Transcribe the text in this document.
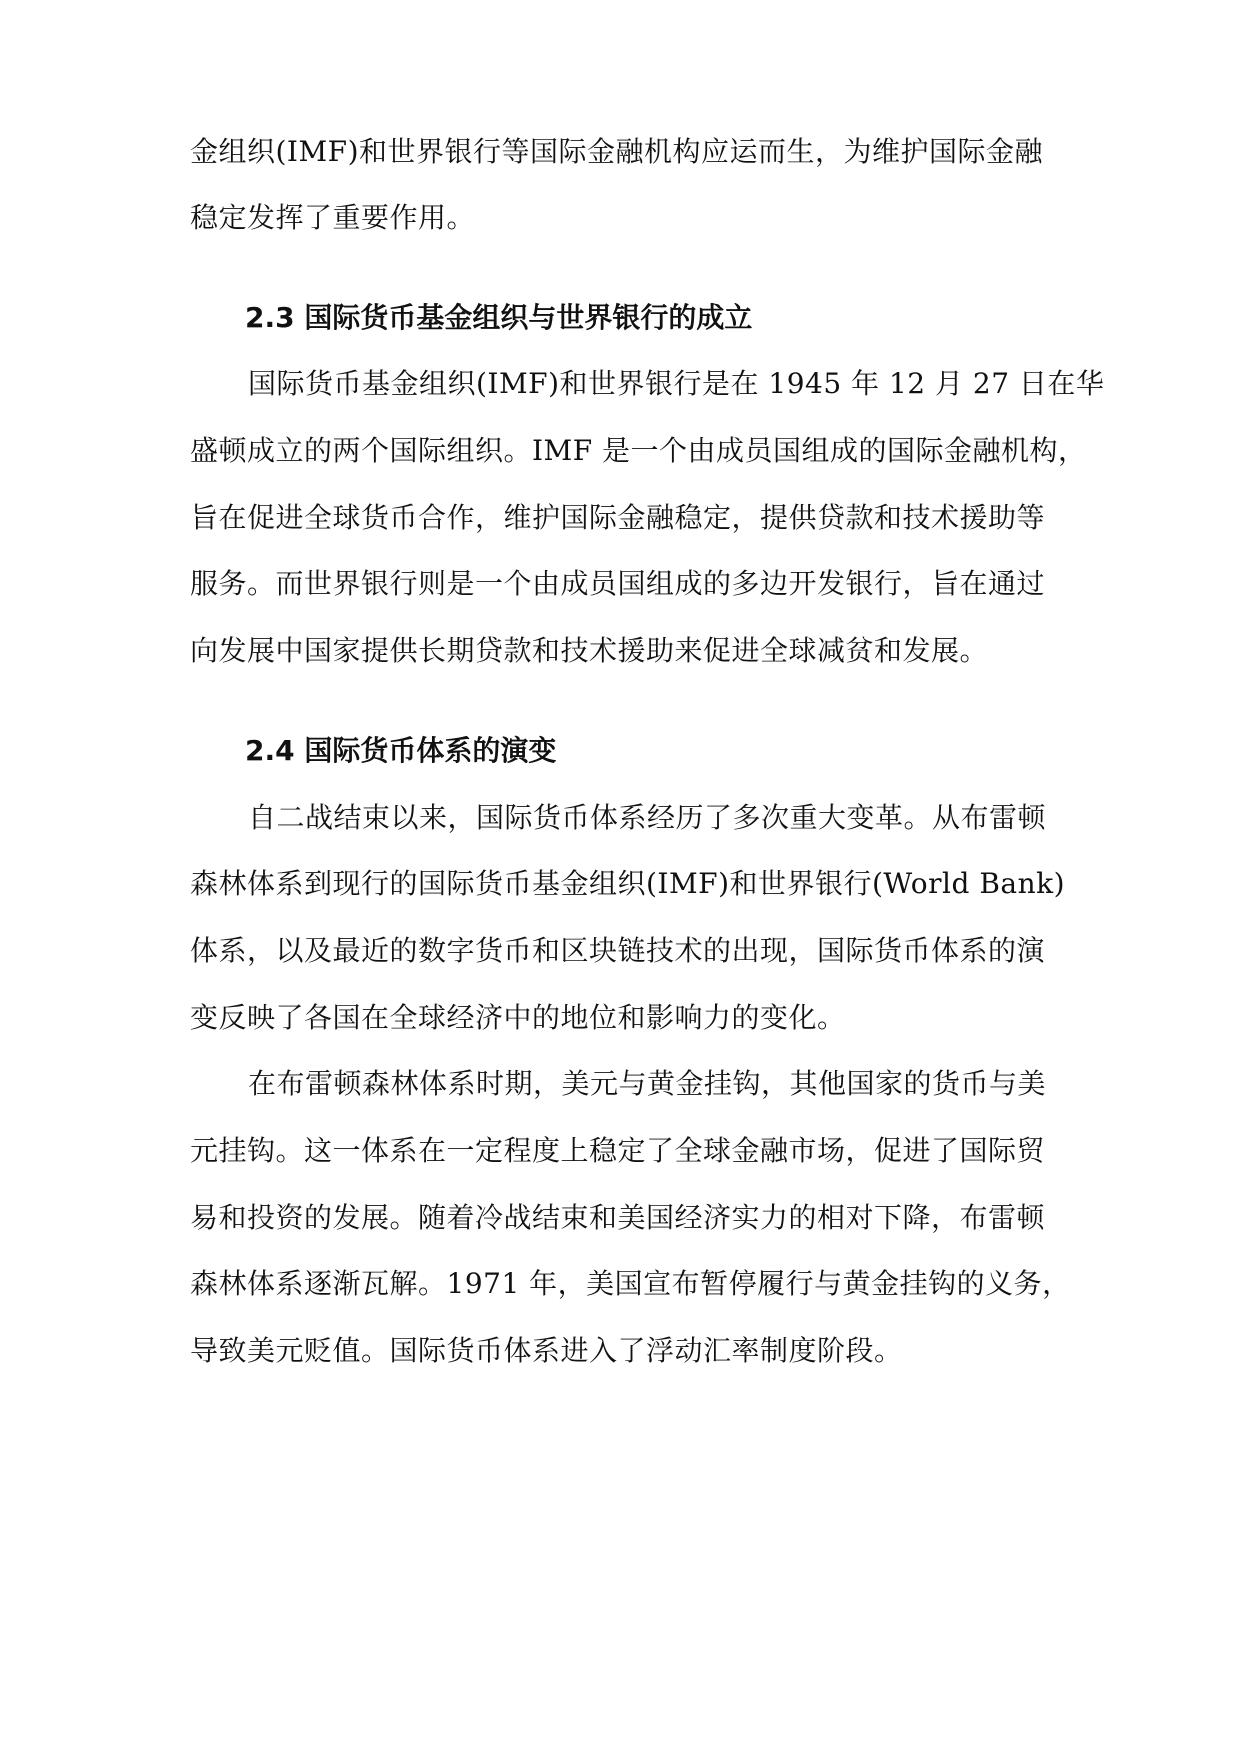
金组织(IMF)和世界银行等国际金融机构应运而生，为维护国际金融
稳定发挥了重要作用。
2.3 国际货币基金组织与世界银行的成立
国际货币基金组织(IMF)和世界银行是在 1945 年 12 月 27 日在华
盛顿成立的两个国际组织。IMF 是一个由成员国组成的国际金融机构，
旨在促进全球货币合作，维护国际金融稳定，提供贷款和技术援助等
服务。而世界银行则是一个由成员国组成的多边开发银行，旨在通过
向发展中国家提供长期贷款和技术援助来促进全球减贫和发展。
2.4 国际货币体系的演变
自二战结束以来，国际货币体系经历了多次重大变革。从布雷顿
森林体系到现行的国际货币基金组织(IMF)和世界银行(World Bank)
体系，以及最近的数字货币和区块链技术的出现，国际货币体系的演
变反映了各国在全球经济中的地位和影响力的变化。
在布雷顿森林体系时期，美元与黄金挂钩，其他国家的货币与美
元挂钩。这一体系在一定程度上稳定了全球金融市场，促进了国际贸
易和投资的发展。随着冷战结束和美国经济实力的相对下降，布雷顿
森林体系逐渐瓦解。1971 年，美国宣布暂停履行与黄金挂钩的义务，
导致美元贬值。国际货币体系进入了浮动汇率制度阶段。
